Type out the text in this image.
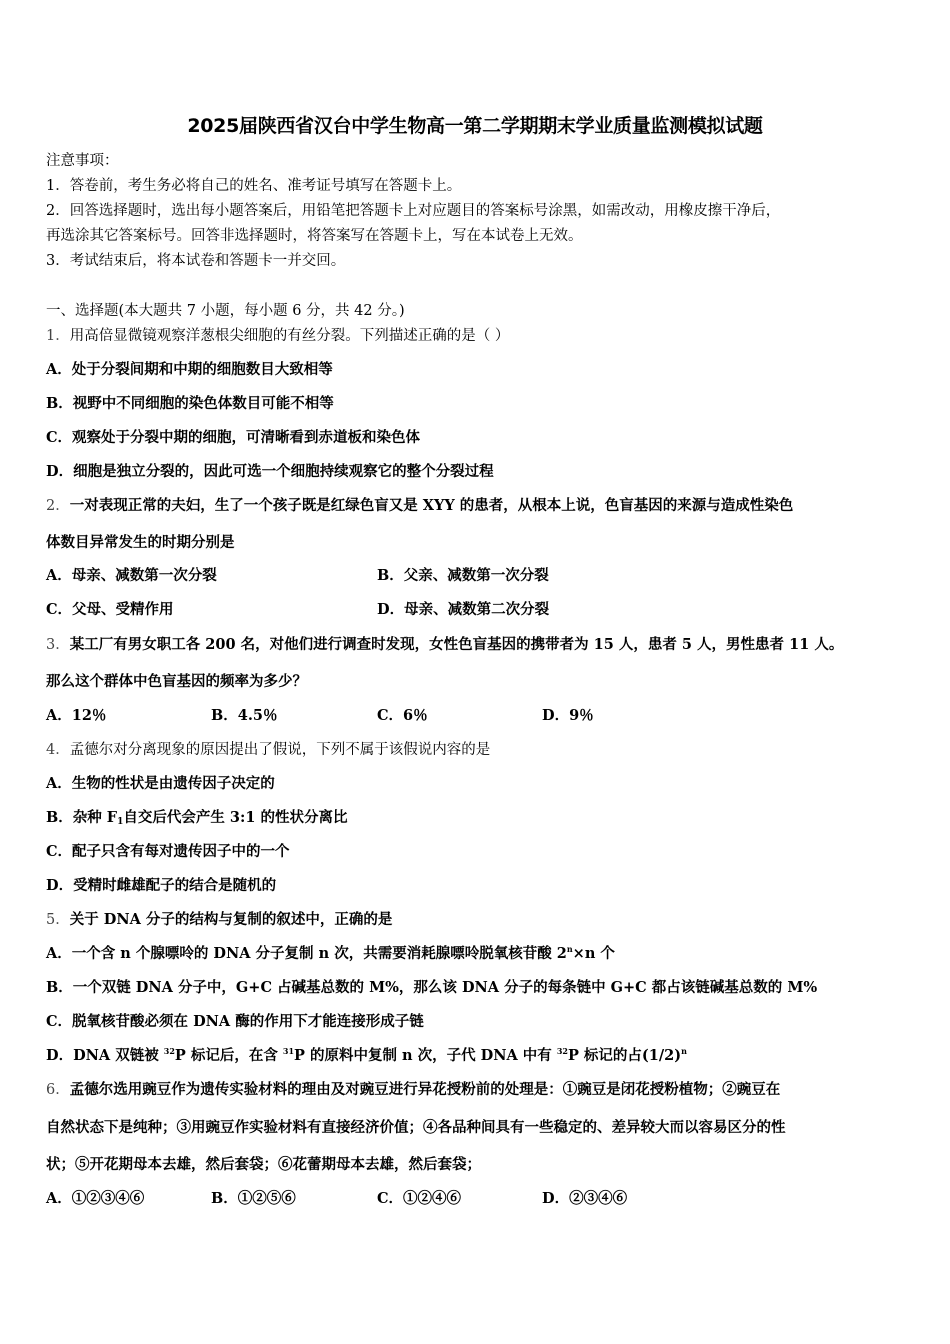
2025届陕西省汉台中学生物高一第二学期期末学业质量监测模拟试题
注意事项：
1．答卷前，考生务必将自己的姓名、准考证号填写在答题卡上。
2．回答选择题时，选出每小题答案后，用铅笔把答题卡上对应题目的答案标号涂黑，如需改动，用橡皮擦干净后，
再选涂其它答案标号。回答非选择题时，将答案写在答题卡上，写在本试卷上无效。
3．考试结束后，将本试卷和答题卡一并交回。
一、选择题(本大题共 7 小题，每小题 6 分，共 42 分。)
1．用高倍显微镜观察洋葱根尖细胞的有丝分裂。下列描述正确的是（ ）
A．处于分裂间期和中期的细胞数目大致相等
B．视野中不同细胞的染色体数目可能不相等
C．观察处于分裂中期的细胞，可清晰看到赤道板和染色体
D．细胞是独立分裂的，因此可选一个细胞持续观察它的整个分裂过程
2．一对表现正常的夫妇，生了一个孩子既是红绿色盲又是 XYY 的患者，从根本上说，色盲基因的来源与造成性染色
体数目异常发生的时期分别是
A．母亲、减数第一次分裂	B．父亲、减数第一次分裂
C．父母、受精作用	D．母亲、减数第二次分裂
3．某工厂有男女职工各 200 名，对他们进行调查时发现，女性色盲基因的携带者为 15 人，患者 5 人，男性患者 11 人。
那么这个群体中色盲基因的频率为多少？
A．12％	B．4.5％	C．6％	D．9％
4．孟德尔对分离现象的原因提出了假说，下列不属于该假说内容的是
A．生物的性状是由遗传因子决定的
B．杂种 $F_1$自交后代会产生 3:1 的性状分离比
C．配子只含有每对遗传因子中的一个
D．受精时雌雄配子的结合是随机的
5．关于 DNA 分子的结构与复制的叙述中，正确的是
A．一个含 n 个腺嘌呤的 DNA 分子复制 n 次，共需要消耗腺嘌呤脱氧核苷酸 $2^n\times n$ 个
B．一个双链 DNA 分子中，G+C 占碱基总数的 M%，那么该 DNA 分子的每条链中 G+C 都占该链碱基总数的 M%
C．脱氧核苷酸必须在 DNA 酶的作用下才能连接形成子链
D．DNA 双链被 $^{32}$P 标记后，在含 $^{31}$P 的原料中复制 n 次，子代 DNA 中有 $^{32}$P 标记的占$(1/2)^n$
6．孟德尔选用豌豆作为遗传实验材料的理由及对豌豆进行异花授粉前的处理是：①豌豆是闭花授粉植物；②豌豆在
自然状态下是纯种；③用豌豆作实验材料有直接经济价值；④各品种间具有一些稳定的、差异较大而以容易区分的性
状；⑤开花期母本去雄，然后套袋；⑥花蕾期母本去雄，然后套袋；
A．①②③④⑥	B．①②⑤⑥	C．①②④⑥	D．②③④⑥
